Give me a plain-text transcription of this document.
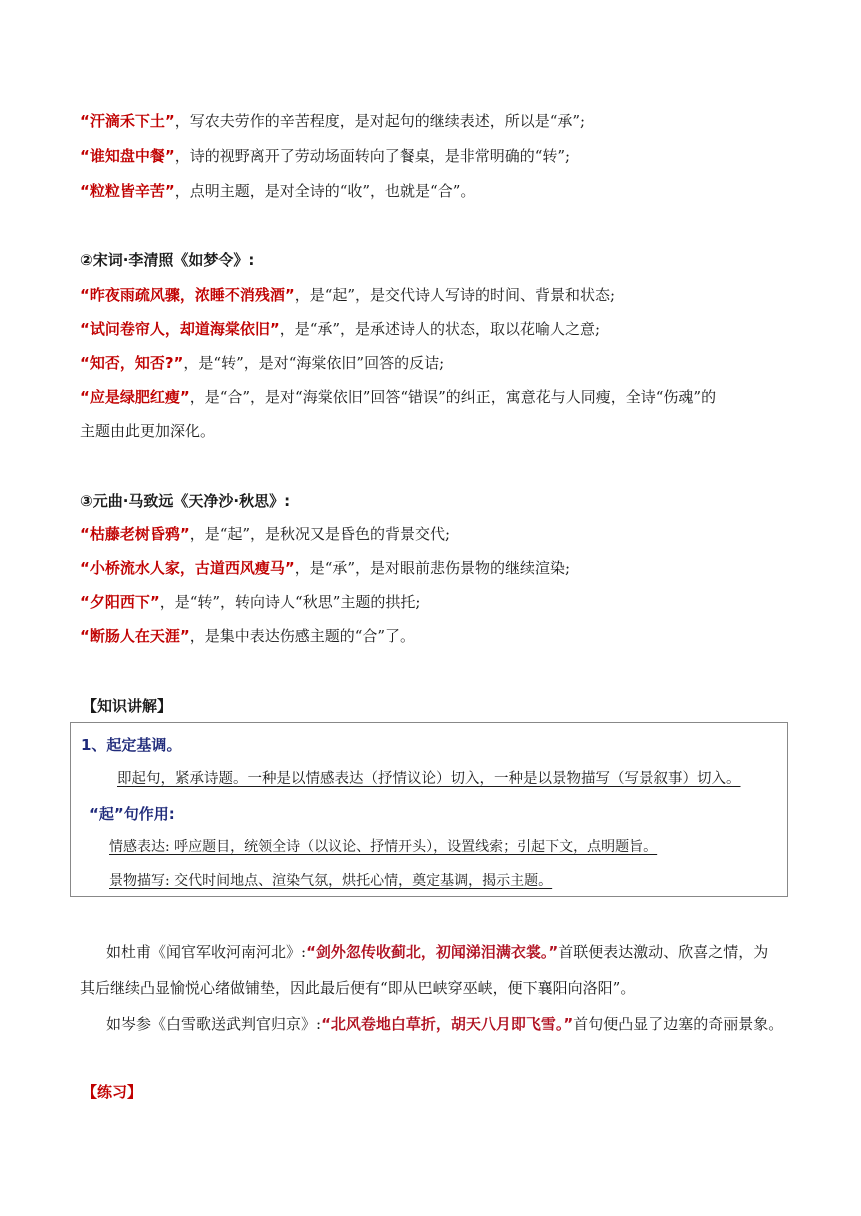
“汗滴禾下土”，写农夫劳作的辛苦程度，是对起句的继续表述，所以是“承”;
“谁知盘中餐”，诗的视野离开了劳动场面转向了餐桌，是非常明确的“转”;
“粒粒皆辛苦”，点明主题，是对全诗的“收”，也就是“合”。
②宋词·李清照《如梦令》:
“昨夜雨疏风骤，浓睡不消残酒”，是“起”，是交代诗人写诗的时间、背景和状态;
“试问卷帘人，却道海棠依旧”，是“承”，是承述诗人的状态，取以花喻人之意;
“知否，知否?”，是“转”，是对“海棠依旧”回答的反诘;
“应是绿肥红瘦”，是“合”，是对“海棠依旧”回答“错误”的纠正，寓意花与人同瘦，全诗“伤魂”的
主题由此更加深化。
③元曲·马致远《天净沙·秋思》:
“枯藤老树昏鸦”，是“起”，是秋况又是昏色的背景交代;
“小桥流水人家，古道西风瘦马”，是“承”，是对眼前悲伤景物的继续渲染;
“夕阳西下”，是“转”，转向诗人“秋思”主题的拱托;
“断肠人在天涯”，是集中表达伤感主题的“合”了。
【知识讲解】
1、起定基调。
即起句，紧承诗题。一种是以情感表达（抒情议论）切入，一种是以景物描写（写景叙事）切入。
“起”句作用:
情感表达: 呼应题目，统领全诗（以议论、抒情开头），设置线索；引起下文，点明题旨。
景物描写: 交代时间地点、渲染气氛，烘托心情，奠定基调，揭示主题。
如杜甫《闻官军收河南河北》:“剑外忽传收蓟北，初闻涕泪满衣裳。”首联便表达激动、欣喜之情，为
其后继续凸显愉悦心绪做铺垫，因此最后便有“即从巴峡穿巫峡，便下襄阳向洛阳”。
如岑参《白雪歌送武判官归京》:“北风卷地白草折，胡天八月即飞雪。”首句便凸显了边塞的奇丽景象。
【练习】
